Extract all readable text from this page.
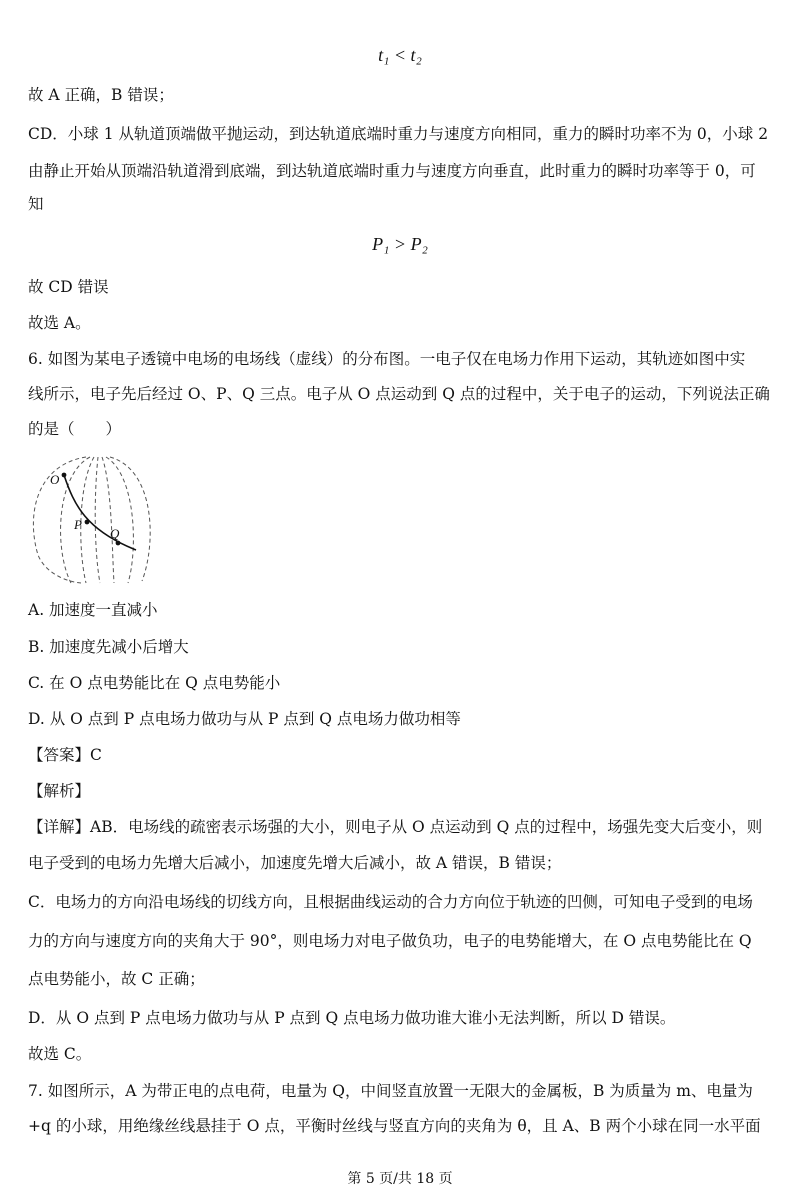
t₁ < t₂
故 A 正确，B 错误；
CD．小球 1 从轨道顶端做平抛运动，到达轨道底端时重力与速度方向相同，重力的瞬时功率不为 0，小球 2
由静止开始从顶端沿轨道滑到底端，到达轨道底端时重力与速度方向垂直，此时重力的瞬时功率等于 0，可
知
P₁ > P₂
故 CD 错误
故选 A。
6. 如图为某电子透镜中电场的电场线（虚线）的分布图。一电子仅在电场力作用下运动，其轨迹如图中实
线所示，电子先后经过 O、P、Q 三点。电子从 O 点运动到 Q 点的过程中，关于电子的运动，下列说法正确
的是（　　）
O
P
Q
A. 加速度一直减小
B. 加速度先减小后增大
C. 在 O 点电势能比在 Q 点电势能小
D. 从 O 点到 P 点电场力做功与从 P 点到 Q 点电场力做功相等
【答案】C
【解析】
【详解】AB．电场线的疏密表示场强的大小，则电子从 O 点运动到 Q 点的过程中，场强先变大后变小，则
电子受到的电场力先增大后减小，加速度先增大后减小，故 A 错误，B 错误；
C．电场力的方向沿电场线的切线方向，且根据曲线运动的合力方向位于轨迹的凹侧，可知电子受到的电场
力的方向与速度方向的夹角大于 90°，则电场力对电子做负功，电子的电势能增大，在 O 点电势能比在 Q
点电势能小，故 C 正确；
D．从 O 点到 P 点电场力做功与从 P 点到 Q 点电场力做功谁大谁小无法判断，所以 D 错误。
故选 C。
7. 如图所示，A 为带正电的点电荷，电量为 Q，中间竖直放置一无限大的金属板，B 为质量为 m、电量为
+q 的小球，用绝缘丝线悬挂于 O 点，平衡时丝线与竖直方向的夹角为 θ，且 A、B 两个小球在同一水平面
第 5 页/共 18 页
